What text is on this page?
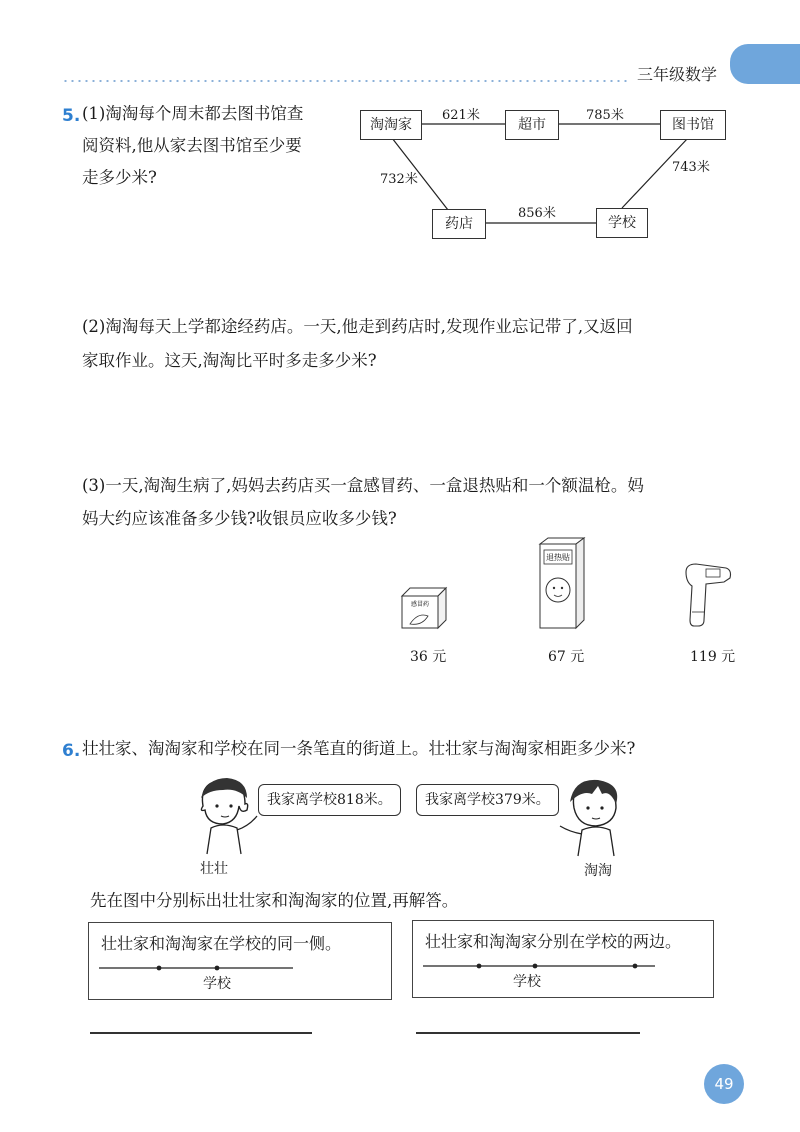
三年级数学
5. (1)淘淘每个周末都去图书馆查
阅资料,他从家去图书馆至少要
走多少米?
淘淘家	超市	图书馆
药店	学校
621米	785米
732米
743米
856米
(2)淘淘每天上学都途经药店。一天,他走到药店时,发现作业忘记带了,又返回
家取作业。这天,淘淘比平时多走多少米?
(3)一天,淘淘生病了,妈妈去药店买一盒感冒药、一盒退热贴和一个额温枪。妈
妈大约应该准备多少钱?收银员应收多少钱?
感冒药
36 元
退热贴
67 元	119 元
6. 壮壮家、淘淘家和学校在同一条笔直的街道上。壮壮家与淘淘家相距多少米?
壮壮
我家离学校818米。
淘淘
我家离学校379米。
先在图中分别标出壮壮家和淘淘家的位置,再解答。
壮壮家和淘淘家在学校的同一侧。
学校
壮壮家和淘淘家分别在学校的两边。
学校
49
